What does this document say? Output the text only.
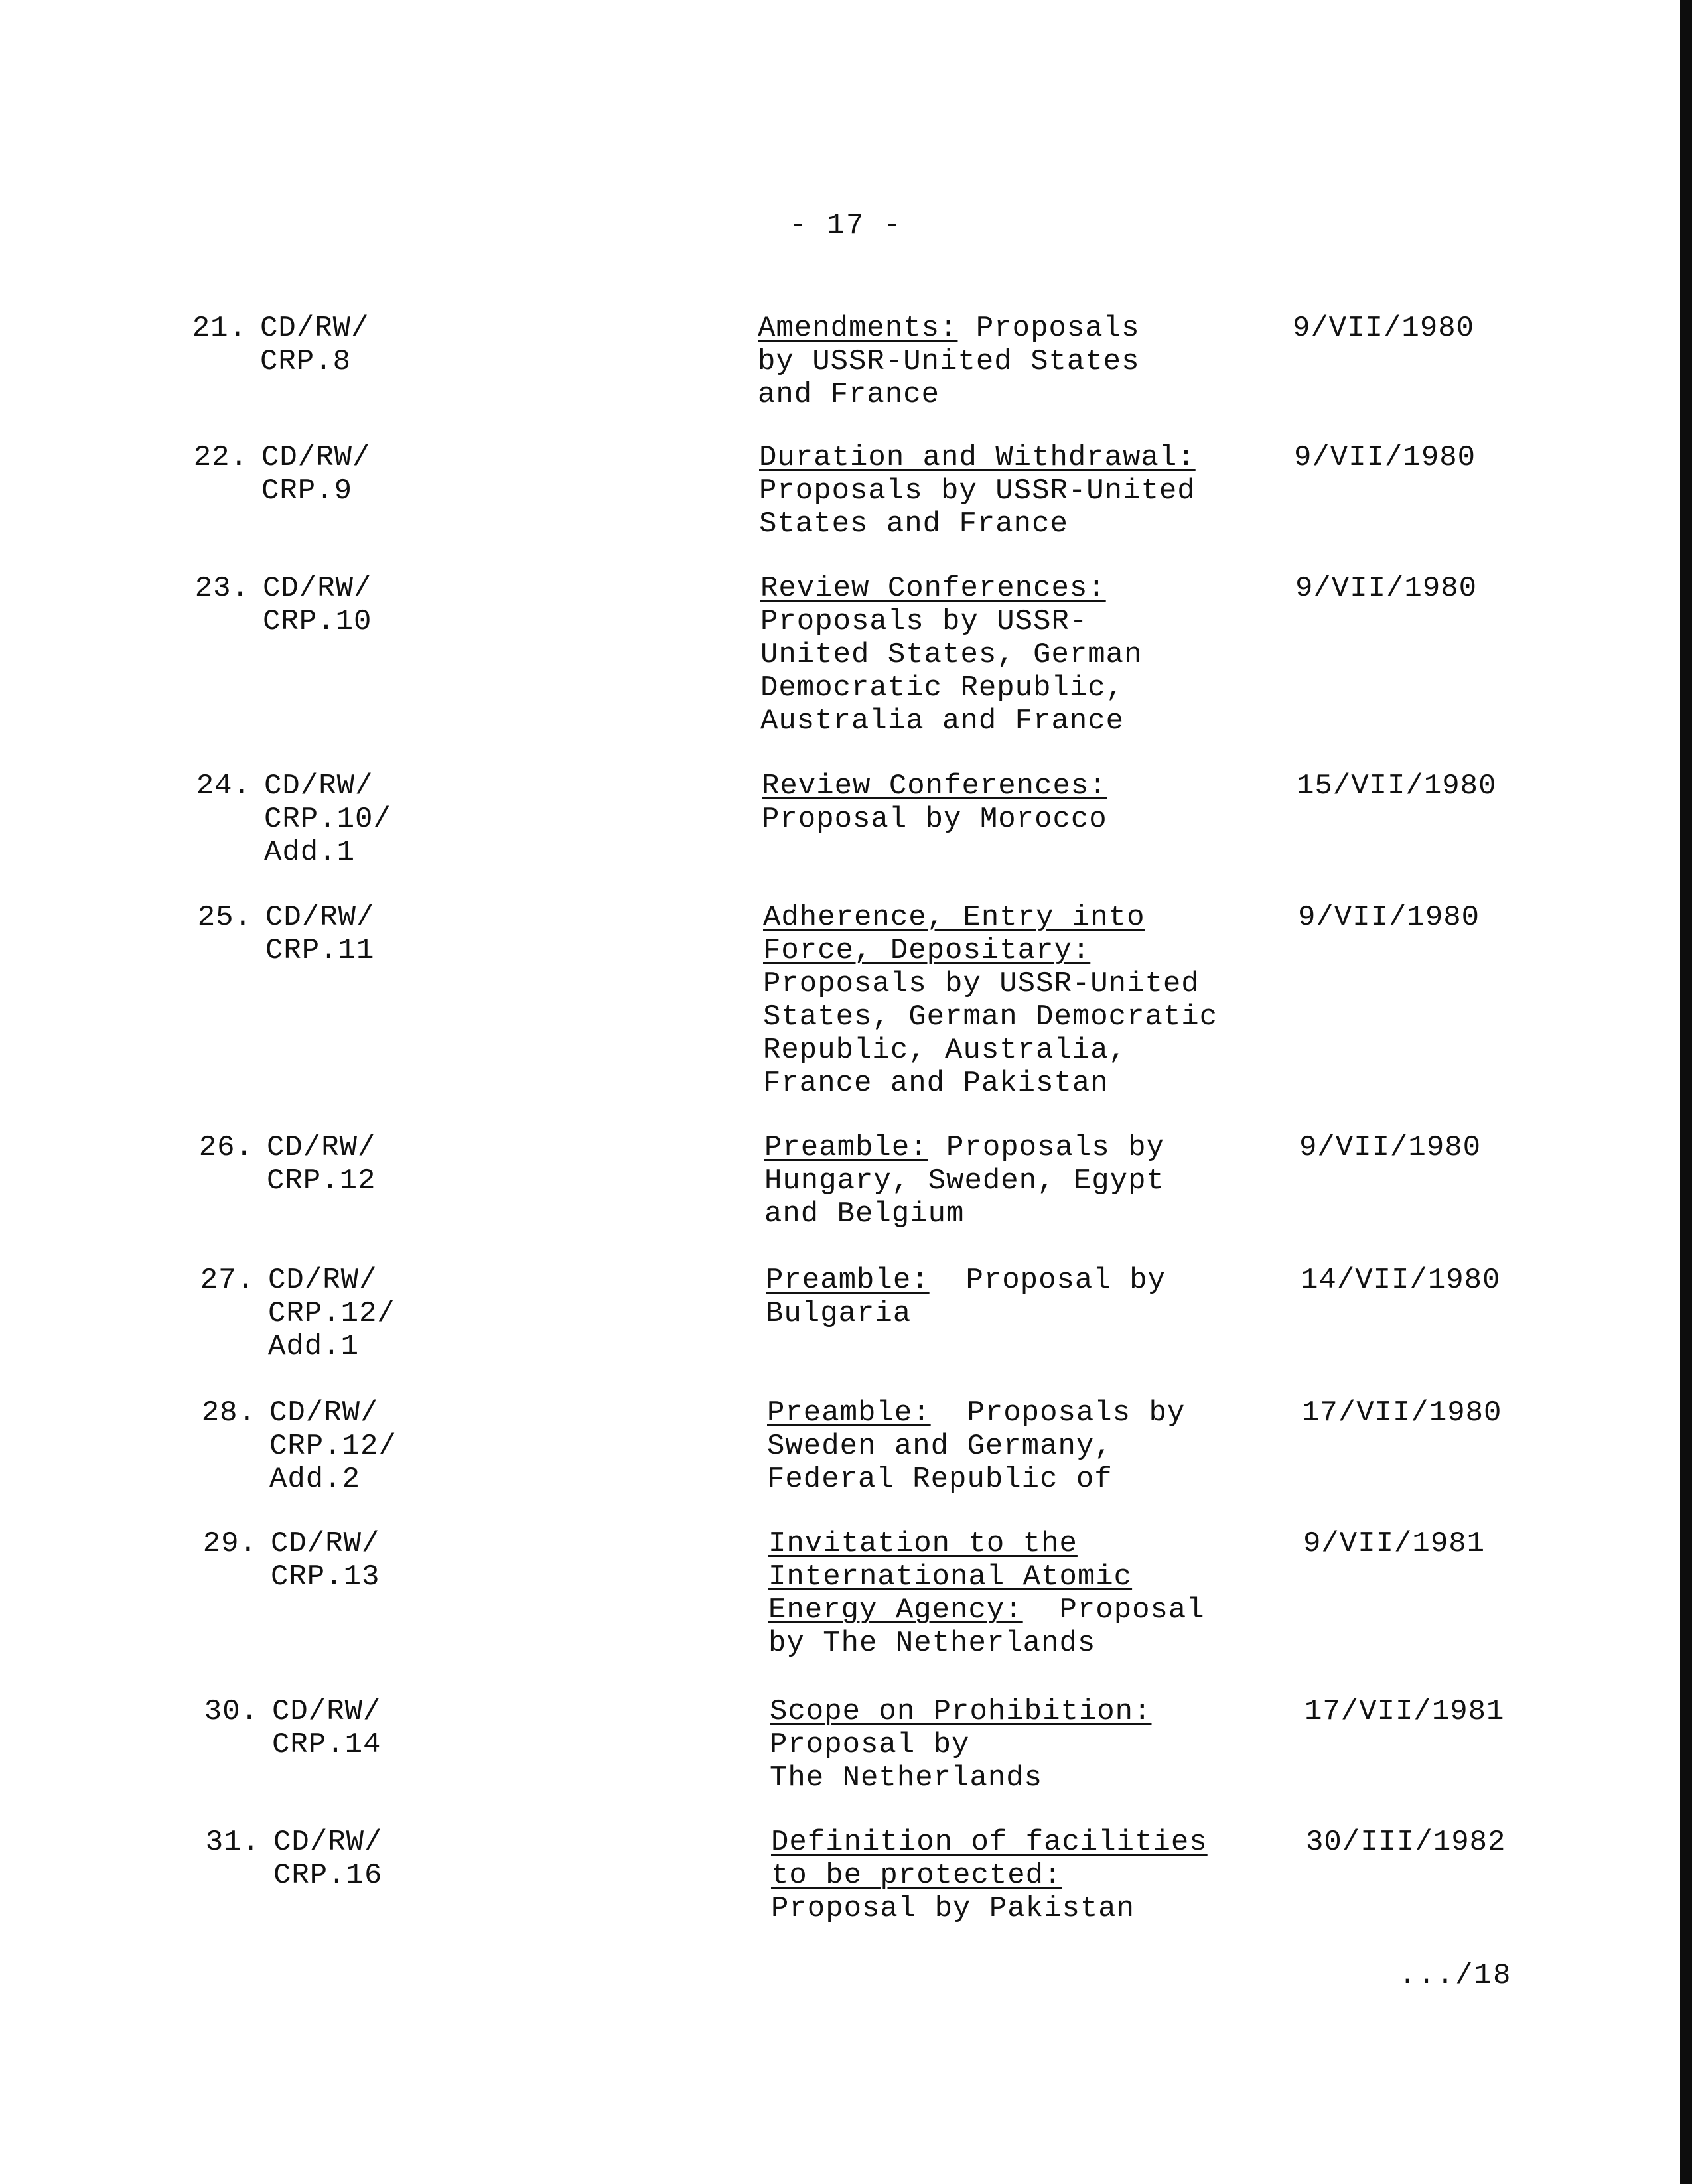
- 17 -
21. CD/RW/
CRP.8
Amendments: Proposals
by USSR-United States
and France
9/VII/1980
22. CD/RW/
CRP.9
Duration and Withdrawal:
Proposals by USSR-United
States and France
9/VII/1980
23. CD/RW/
CRP.10
Review Conferences:
Proposals by USSR-
United States, German
Democratic Republic,
Australia and France
9/VII/1980
24. CD/RW/
CRP.10/
Add.1
Review Conferences:
Proposal by Morocco
15/VII/1980
25. CD/RW/
CRP.11
Adherence, Entry into
Force, Depositary:
Proposals by USSR-United
States, German Democratic
Republic, Australia,
France and Pakistan
9/VII/1980
26. CD/RW/
CRP.12
Preamble: Proposals by
Hungary, Sweden, Egypt
and Belgium
9/VII/1980
27. CD/RW/
CRP.12/
Add.1
Preamble:  Proposal by
Bulgaria
14/VII/1980
28. CD/RW/
CRP.12/
Add.2
Preamble:  Proposals by
Sweden and Germany,
Federal Republic of
17/VII/1980
29. CD/RW/
CRP.13
Invitation to the
International Atomic
Energy Agency:  Proposal
by The Netherlands
9/VII/1981
30. CD/RW/
CRP.14
Scope on Prohibition:
Proposal by
The Netherlands
17/VII/1981
31. CD/RW/
CRP.16
Definition of facilities
to be protected:
Proposal by Pakistan
30/III/1982
.../18
